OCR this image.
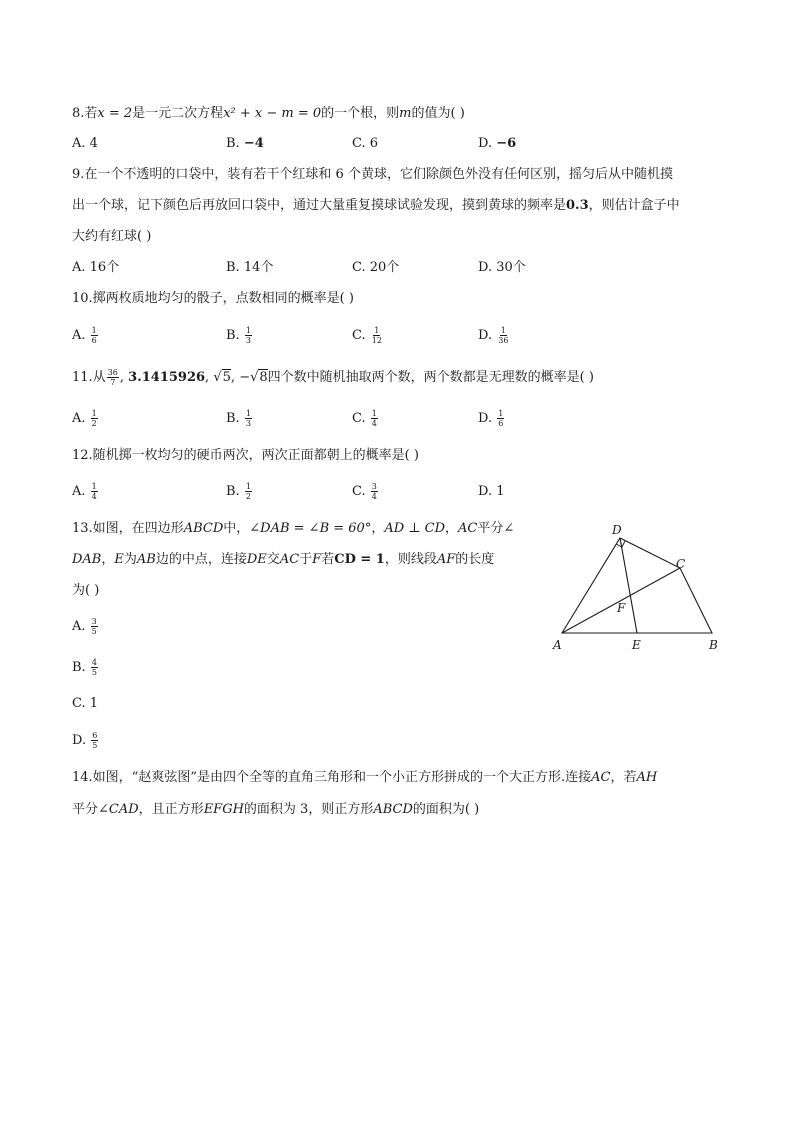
8.若x = 2是一元二次方程x² + x − m = 0的一个根，则m的值为( )
A. 4	B. −4	C. 6	D. −6
9.在一个不透明的口袋中，装有若干个红球和 6 个黄球，它们除颜色外没有任何区别，摇匀后从中随机摸
出一个球，记下颜色后再放回口袋中，通过大量重复摸球试验发现，摸到黄球的频率是0.3，则估计盒子中
大约有红球( )
A. 16个	B. 14个	C. 20个	D. 30个
10.掷两枚质地均匀的骰子，点数相同的概率是( )
A. $\frac{1}{6}$	B. $\frac{1}{3}$	C. $\frac{1}{12}$	D. $\frac{1}{36}$
11.从 $\frac{36}{7}$ , 3.1415926, √5, −√8四个数中随机抽取两个数，两个数都是无理数的概率是( )
A. $\frac{1}{2}$	B. $\frac{1}{3}$	C. $\frac{1}{4}$	D. $\frac{1}{6}$
12.随机掷一枚均匀的硬币两次，两次正面都朝上的概率是( )
A. $\frac{1}{4}$	B. $\frac{1}{2}$	C. $\frac{3}{4}$	D. 1
13.如图，在四边形ABCD中，∠DAB = ∠B = 60°，AD ⊥ CD，AC平分∠
DAB，E为AB边的中点，连接DE交AC于F若CD = 1，则线段AF的长度
为( )
A	B
C
D
E
F
A. $\frac{3}{5}$
B. $\frac{4}{5}$
C. 1
D. $\frac{6}{5}$
14.如图，“赵爽弦图”是由四个全等的直角三角形和一个小正方形拼成的一个大正方形.连接AC，若AH
平分∠CAD，且正方形EFGH的面积为 3，则正方形ABCD的面积为( )
